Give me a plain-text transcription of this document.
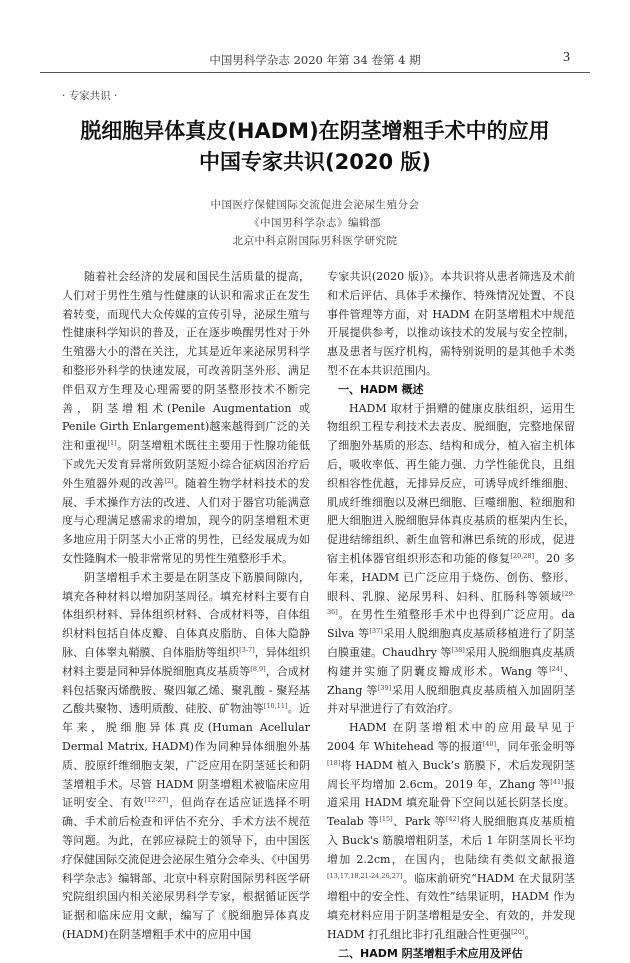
中国男科学杂志 2020 年第 34 卷第 4 期	3
· 专家共识 ·
脱细胞异体真皮(HADM)在阴茎增粗手术中的应用
中国专家共识(2020 版)
中国医疗保健国际交流促进会泌尿生殖分会
《中国男科学杂志》编辑部
北京中科京附国际男科医学研究院

随着社会经济的发展和国民生活质量的提高，人们对于男性生殖与性健康的认识和需求正在发生着转变，而现代大众传媒的宣传引导，泌尿生殖与性健康科学知识的普及，正在逐步唤醒男性对于外生殖器大小的潜在关注，尤其是近年来泌尿男科学和整形外科学的快速发展，可改善阴茎外形、满足伴侣双方生理及心理需要的阴茎整形技术不断完善，阴茎增粗术(Penile Augmentation 或 Penile Girth Enlargement)越来越得到广泛的关注和重视[1]。阴茎增粗术既往主要用于性腺功能低下或先天发育异常所致阴茎短小综合征病因治疗后外生殖器外观的改善[2]。随着生物学材料技术的发展、手术操作方法的改进、人们对于器官功能满意度与心理满足感需求的增加，现今的阴茎增粗术更多地应用于阴茎大小正常的男性，已经发展成为如女性隆胸术一般非常常见的男性生殖整形手术。

阴茎增粗手术主要是在阴茎皮下筋膜间隙内，填充各种材料以增加阴茎周径。填充材料主要有自体组织材料、异体组织材料、合成材料等，自体组织材料包括自体皮瓣、自体真皮脂肪、自体大隐静脉、自体睾丸鞘膜、自体脂肪等组织[3-7]，异体组织材料主要是同种异体脱细胞真皮基质等[8,9]，合成材料包括聚丙烯酰胺、聚四氟乙烯、聚乳酸 - 聚羟基乙酸共聚物、透明质酸、硅胶、矿物油等[10,11]。近年来，脱细胞异体真皮(Human Acellular Dermal Matrix, HADM)作为同种异体细胞外基质、胶原纤维细胞支架，广泛应用在阴茎延长和阴茎增粗手术。尽管 HADM 阴茎增粗术被临床应用证明安全、有效[12-27]，但尚存在适应证选择不明确、手术前后检查和评估不充分、手术方法不规范等问题。为此，在郭应禄院士的领导下，由中国医疗保健国际交流促进会泌尿生殖分会牵头、《中国男科学杂志》编辑部、北京中科京附国际男科医学研究院组织国内相关泌尿男科学专家，根据循证医学证据和临床应用文献，编写了《脱细胞异体真皮(HADM)在阴茎增粗手术中的应用中国

专家共识(2020 版)》。本共识将从患者筛选及术前和术后评估、具体手术操作、特殊情况处置、不良事件管理等方面，对 HADM 在阴茎增粗术中规范开展提供参考，以推动该技术的发展与安全控制，惠及患者与医疗机构，需特别说明的是其他手术类型不在本共识范围内。

一、HADM 概述

HADM 取材于捐赠的健康皮肤组织，运用生物组织工程专利技术去表皮、脱细胞，完整地保留了细胞外基质的形态、结构和成分，植入宿主机体后，吸收率低、再生能力强、力学性能优良，且组织相容性优越，无排异反应，可诱导成纤维细胞、肌成纤维细胞以及淋巴细胞、巨噬细胞、粒细胞和肥大细胞进入脱细胞异体真皮基质的框架内生长，促进结缔组织、新生血管和淋巴系统的形成，促进宿主机体器官组织形态和功能的修复[20,28]。20 多年来，HADM 已广泛应用于烧伤、创伤、整形、眼科、乳腺、泌尿男科、妇科、肛肠科等领域[29-36]。在男性生殖整形手术中也得到广泛应用。da Silva 等[37]采用人脱细胞真皮基质移植进行了阴茎白膜重建。Chaudhry 等[38]采用人脱细胞真皮基质构建并实施了阴囊皮瓣成形术。Wang 等[24]、Zhang 等[39]采用人脱细胞真皮基质植入加固阴茎并对早泄进行了有效治疗。

HADM 在阴茎增粗术中的应用最早见于 2004 年 Whitehead 等的报道[40]，同年张金明等[18]将 HADM 植入 Buck’s 筋膜下，术后发现阴茎周长平均增加 2.6cm。2019 年，Zhang 等[41]报道采用 HADM 填充耻骨下空间以延长阴茎长度。Tealab 等[15]、Park 等[42]将人脱细胞真皮基质植入 Buck's 筋膜增粗阴茎，术后 1 年阴茎周长平均增加 2.2cm，在国内，也陆续有类似文献报道[13,17,18,21-24,26,27]。临床前研究“HADM 在犬鼠阴茎增粗中的安全性、有效性”结果证明，HADM 作为填充材料应用于阴茎增粗是安全、有效的，并发现 HADM 打孔组比非打孔组融合性更强[20]。

二、HADM 阴茎增粗手术应用及评估
